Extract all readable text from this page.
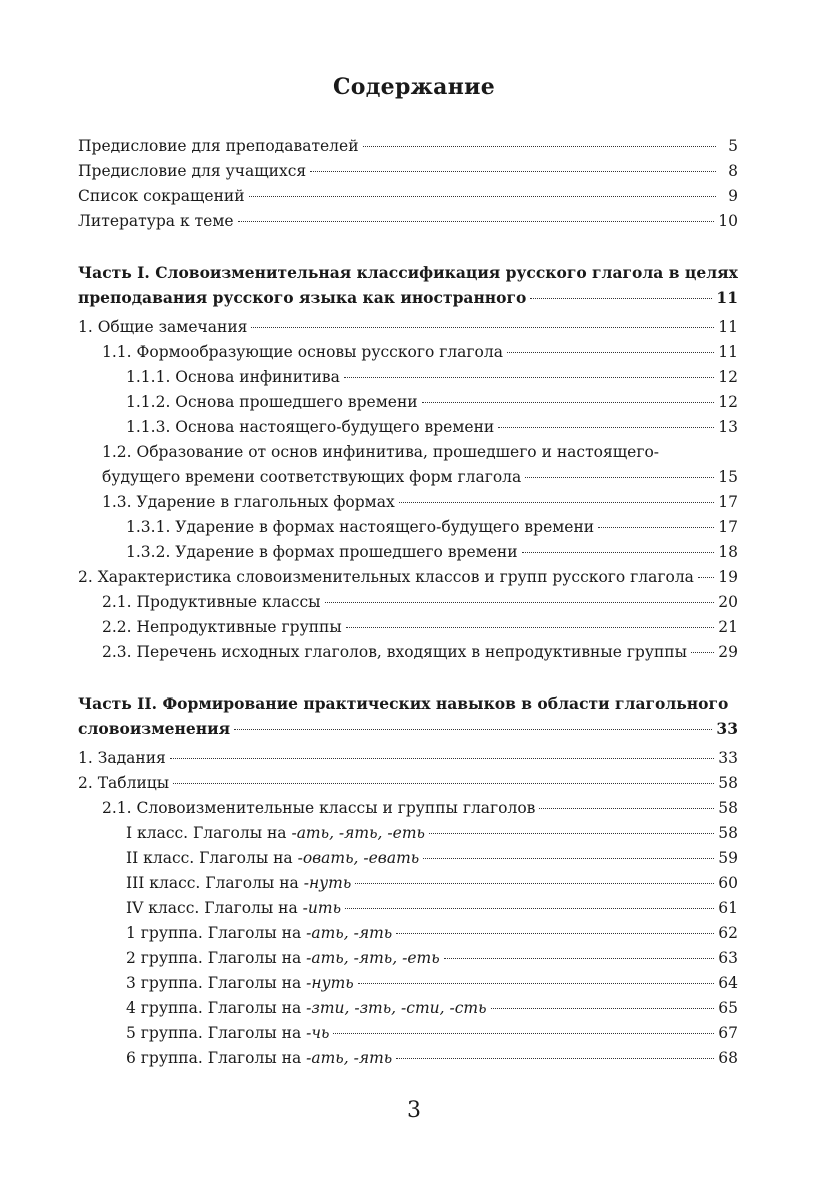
Содержание
Предисловие для преподавателей	5
Предисловие для учащихся	8
Список сокращений	9
Литература к теме	10
Часть I. Словоизменительная классификация русского глагола в целях
преподавания русского языка как иностранного	11
1. Общие замечания	11
1.1. Формообразующие основы русского глагола	11
1.1.1. Основа инфинитива	12
1.1.2. Основа прошедшего времени	12
1.1.3. Основа настоящего-будущего времени	13
1.2. Образование от основ инфинитива, прошедшего и настоящего-
будущего времени соответствующих форм глагола	15
1.3. Ударение в глагольных формах	17
1.3.1. Ударение в формах настоящего-будущего времени	17
1.3.2. Ударение в формах прошедшего времени	18
2. Характеристика словоизменительных классов и групп русского глагола 19
2.1. Продуктивные классы	20
2.2. Непродуктивные группы	21
2.3. Перечень исходных глаголов, входящих в непродуктивные группы 29
Часть II. Формирование практических навыков в области глагольного
словоизменения	33
1. Задания	33
2. Таблицы	58
2.1. Словоизменительные классы и группы глаголов	58
I класс. Глаголы на -ать, -ять, -еть	58
II класс. Глаголы на -овать, -евать	59
III класс. Глаголы на -нуть	60
IV класс. Глаголы на -ить	61
1 группа. Глаголы на -ать, -ять	62
2 группа. Глаголы на -ать, -ять, -еть	63
3 группа. Глаголы на -нуть	64
4 группа. Глаголы на -зти, -зть, -сти, -сть	65
5 группа. Глаголы на -чь	67
6 группа. Глаголы на -ать, -ять	68
3
